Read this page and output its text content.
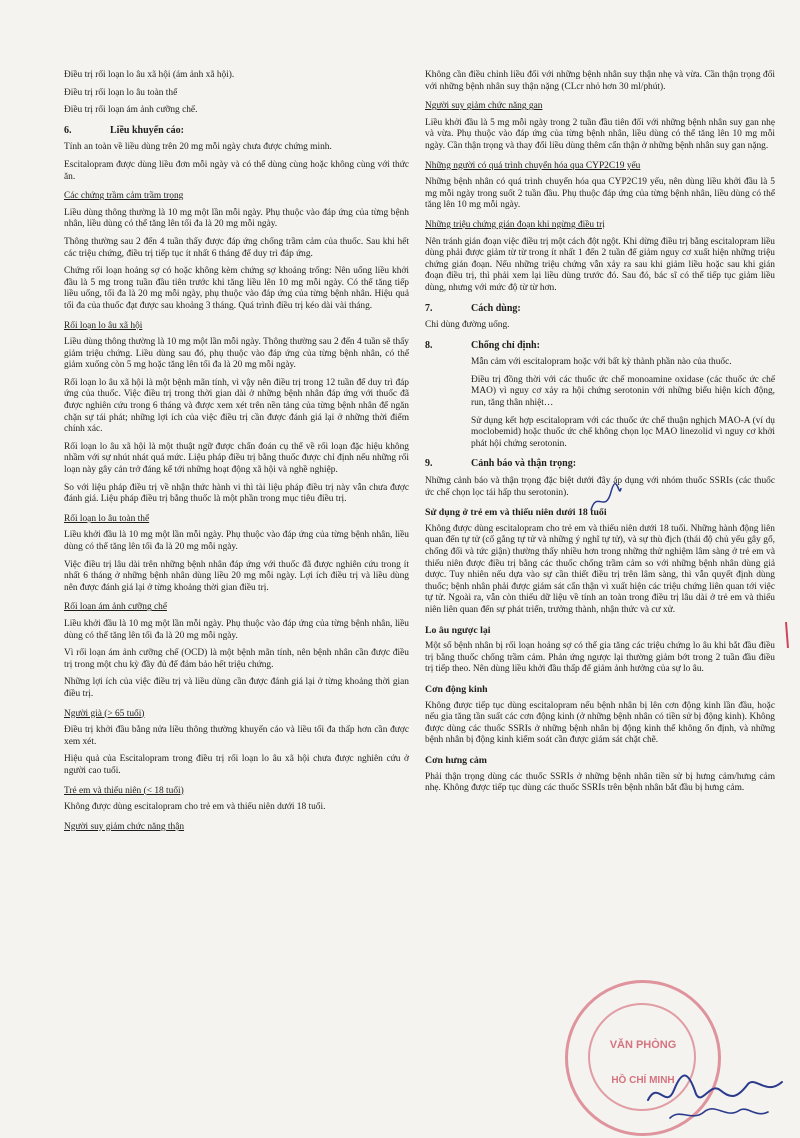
Điều trị rối loạn lo âu xã hội (ám ảnh xã hội).

Điều trị rối loạn lo âu toàn thể

Điều trị rối loạn ám ảnh cưỡng chế.

6.	Liều khuyến cáo:

Tính an toàn về liều dùng trên 20 mg mỗi ngày chưa được chứng minh.

Escitalopram được dùng liều đơn mỗi ngày và có thể dùng cùng hoặc không cùng với thức ăn.

Các chứng trầm cảm trầm trọng

Liều dùng thông thường là 10 mg một lần mỗi ngày. Phụ thuộc vào đáp ứng của từng bệnh nhân, liều dùng có thể tăng lên tối đa là 20 mg mỗi ngày.

Thông thường sau 2 đến 4 tuần thấy được đáp ứng chống trầm cảm của thuốc. Sau khi hết các triệu chứng, điều trị tiếp tục ít nhất 6 tháng để duy trì đáp ứng.

Chứng rối loạn hoảng sợ có hoặc không kèm chứng sợ khoảng trống: Nên uống liều khởi đầu là 5 mg trong tuần đầu tiên trước khi tăng liều lên 10 mg mỗi ngày. Có thể tăng tiếp liều uống, tối đa là 20 mg mỗi ngày, phụ thuộc vào đáp ứng của từng bệnh nhân. Hiệu quả tối đa của thuốc đạt được sau khoảng 3 tháng. Quá trình điều trị kéo dài vài tháng.

Rối loạn lo âu xã hội

Liều dùng thông thường là 10 mg một lần mỗi ngày. Thông thường sau 2 đến 4 tuần sẽ thấy giảm triệu chứng. Liều dùng sau đó, phụ thuộc vào đáp ứng của từng bệnh nhân, có thể giảm xuống còn 5 mg hoặc tăng lên tối đa là 20 mg mỗi ngày.

Rối loạn lo âu xã hội là một bệnh mãn tính, vì vậy nên điều trị trong 12 tuần để duy trì đáp ứng của thuốc. Việc điều trị trong thời gian dài ở những bệnh nhân đáp ứng với thuốc đã được nghiên cứu trong 6 tháng và được xem xét trên nền tảng của từng bệnh nhân để ngăn chặn sự tái phát; những lợi ích của việc điều trị cần được đánh giá lại ở những thời điểm chính xác.

Rối loạn lo âu xã hội là một thuật ngữ được chẩn đoán cụ thể về rối loạn đặc hiệu không nhầm với sự nhút nhát quá mức. Liệu pháp điều trị bằng thuốc được chỉ định nếu những rối loạn này gây cản trở đáng kể tới những hoạt động xã hội và nghề nghiệp.

So với liệu pháp điều trị về nhận thức hành vi thì tài liệu pháp điều trị này vẫn chưa được đánh giá. Liệu pháp điều trị bằng thuốc là một phần trong mục tiêu điều trị.

Rối loạn lo âu toàn thể

Liều khởi đầu là 10 mg một lần mỗi ngày. Phụ thuộc vào đáp ứng của từng bệnh nhân, liều dùng có thể tăng lên tối đa là 20 mg mỗi ngày.

Việc điều trị lâu dài trên những bệnh nhân đáp ứng với thuốc đã được nghiên cứu trong ít nhất 6 tháng ở những bệnh nhân dùng liều 20 mg mỗi ngày. Lợi ích điều trị và liều dùng nên được đánh giá lại ở từng khoảng thời gian điều trị.

Rối loạn ám ảnh cưỡng chế

Liều khởi đầu là 10 mg một lần mỗi ngày. Phụ thuộc vào đáp ứng của từng bệnh nhân, liều dùng có thể tăng lên tối đa là 20 mg mỗi ngày.

Vì rối loạn ám ảnh cưỡng chế (OCD) là một bệnh mãn tính, nên bệnh nhân cần được điều trị trong một chu kỳ đầy đủ để đảm bảo hết triệu chứng.

Những lợi ích của việc điều trị và liều dùng cần được đánh giá lại ở từng khoảng thời gian điều trị.

Người già (> 65 tuổi)

Điều trị khởi đầu bằng nửa liều thông thường khuyến cáo và liều tối đa thấp hơn cần được xem xét.

Hiệu quả của Escitalopram trong điều trị rối loạn lo âu xã hội chưa được nghiên cứu ở người cao tuổi.

Trẻ em và thiếu niên (< 18 tuổi)

Không được dùng escitalopram cho trẻ em và thiếu niên dưới 18 tuổi.

Người suy giảm chức năng thận

Không cần điều chỉnh liều đối với những bệnh nhân suy thận nhẹ và vừa. Cần thận trọng đối với những bệnh nhân suy thận nặng (CLcr nhỏ hơn 30 ml/phút).

Người suy giảm chức năng gan

Liều khởi đầu là 5 mg mỗi ngày trong 2 tuần đầu tiên đối với những bệnh nhân suy gan nhẹ và vừa. Phụ thuộc vào đáp ứng của từng bệnh nhân, liều dùng có thể tăng lên 10 mg mỗi ngày. Cần thận trọng và thay đổi liều dùng thêm cẩn thận ở những bệnh nhân suy gan nặng.

Những người có quá trình chuyển hóa qua CYP2C19 yếu

Những bệnh nhân có quá trình chuyển hóa qua CYP2C19 yếu, nên dùng liều khởi đầu là 5 mg mỗi ngày trong suốt 2 tuần đầu. Phụ thuộc đáp ứng của từng bệnh nhân, liều dùng có thể tăng lên 10 mg mỗi ngày.

Những triệu chứng gián đoạn khi ngừng điều trị

Nên tránh gián đoạn việc điều trị một cách đột ngột. Khi dừng điều trị bằng escitalopram liều dùng phải được giảm từ từ trong ít nhất 1 đến 2 tuần để giảm nguy cơ xuất hiện những triệu chứng gián đoạn. Nếu những triệu chứng vẫn xảy ra sau khi giảm liều hoặc sau khi gián đoạn điều trị, thì phải xem lại liều dùng trước đó. Sau đó, bác sĩ có thể tiếp tục giảm liều dùng, nhưng với mức độ từ từ hơn.

7.	Cách dùng:

Chỉ dùng đường uống.

8.	Chống chỉ định:

Mẫn cảm với escitalopram hoặc với bất kỳ thành phần nào của thuốc.

Điều trị đồng thời với các thuốc ức chế monoamine oxidase (các thuốc ức chế MAO) vì nguy cơ xảy ra hội chứng serotonin với những biểu hiện kích động, run, tăng thân nhiệt…

Sử dụng kết hợp escitalopram với các thuốc ức chế thuận nghịch MAO-A (ví dụ moclobemid) hoặc thuốc ức chế không chọn lọc MAO linezolid vì nguy cơ khởi phát hội chứng serotonin.

9.	Cảnh báo và thận trọng:

Những cảnh báo và thận trọng đặc biệt dưới đây áp dụng với nhóm thuốc SSRIs (các thuốc ức chế chọn lọc tái hấp thu serotonin).

Sử dụng ở trẻ em và thiếu niên dưới 18 tuổi

Không được dùng escitalopram cho trẻ em và thiếu niên dưới 18 tuổi. Những hành động liên quan đến tự tử (cố gắng tự tử và những ý nghĩ tự tử), và sự thù địch (thái độ chủ yếu gây gổ, chống đối và tức giận) thường thấy nhiều hơn trong những thử nghiệm lâm sàng ở trẻ em và thiếu niên được điều trị bằng các thuốc chống trầm cảm so với những bệnh nhân dùng giả dược. Tuy nhiên nếu dựa vào sự cần thiết điều trị trên lâm sàng, thì vẫn quyết định dùng thuốc; bệnh nhân phải được giám sát cẩn thận vì xuất hiện các triệu chứng liên quan tới việc tự tử. Ngoài ra, vẫn còn thiếu dữ liệu về tính an toàn trong điều trị lâu dài ở trẻ em và thiếu niên liên quan đến sự phát triển, trưởng thành, nhận thức và cư xử.

Lo âu ngược lại

Một số bệnh nhân bị rối loạn hoảng sợ có thể gia tăng các triệu chứng lo âu khi bắt đầu điều trị bằng thuốc chống trầm cảm. Phản ứng ngược lại thường giảm bớt trong 2 tuần đầu điều trị tiếp theo. Nên dùng liều khởi đầu thấp để giảm ảnh hưởng của sự lo âu.

Cơn động kinh

Không được tiếp tục dùng escitalopram nếu bệnh nhân bị lên cơn động kinh lần đầu, hoặc nếu gia tăng tần suất các cơn động kinh (ở những bệnh nhân có tiền sử bị động kinh). Không được dùng các thuốc SSRIs ở những bệnh nhân bị động kinh thể không ổn định, và những bệnh nhân bị động kinh kiểm soát cần được giám sát chặt chẽ.

Cơn hưng cảm

Phải thận trọng dùng các thuốc SSRIs ở những bệnh nhân tiền sử bị hưng cảm/hưng cảm nhẹ. Không được tiếp tục dùng các thuốc SSRIs trên bệnh nhân bắt đầu bị hưng cảm.

VĂN PHÒNG
HỒ CHÍ MINH
